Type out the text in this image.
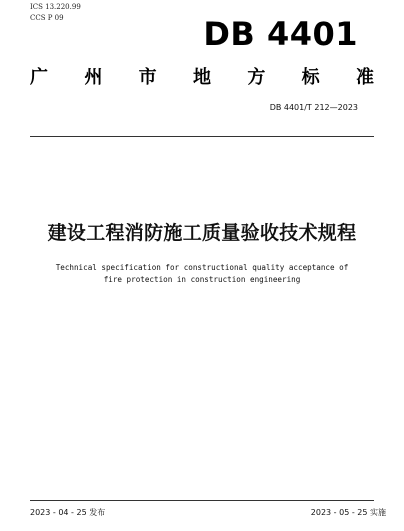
ICS 13.220.99
CCS P 09	DB 4401
广 州 市 地 方 标 准
DB 4401/T 212—2023
建设工程消防施工质量验收技术规程
Technical specification for constructional quality acceptance of
fire protection in construction engineering
2023 - 04 - 25 发布	2023 - 05 - 25 实施
